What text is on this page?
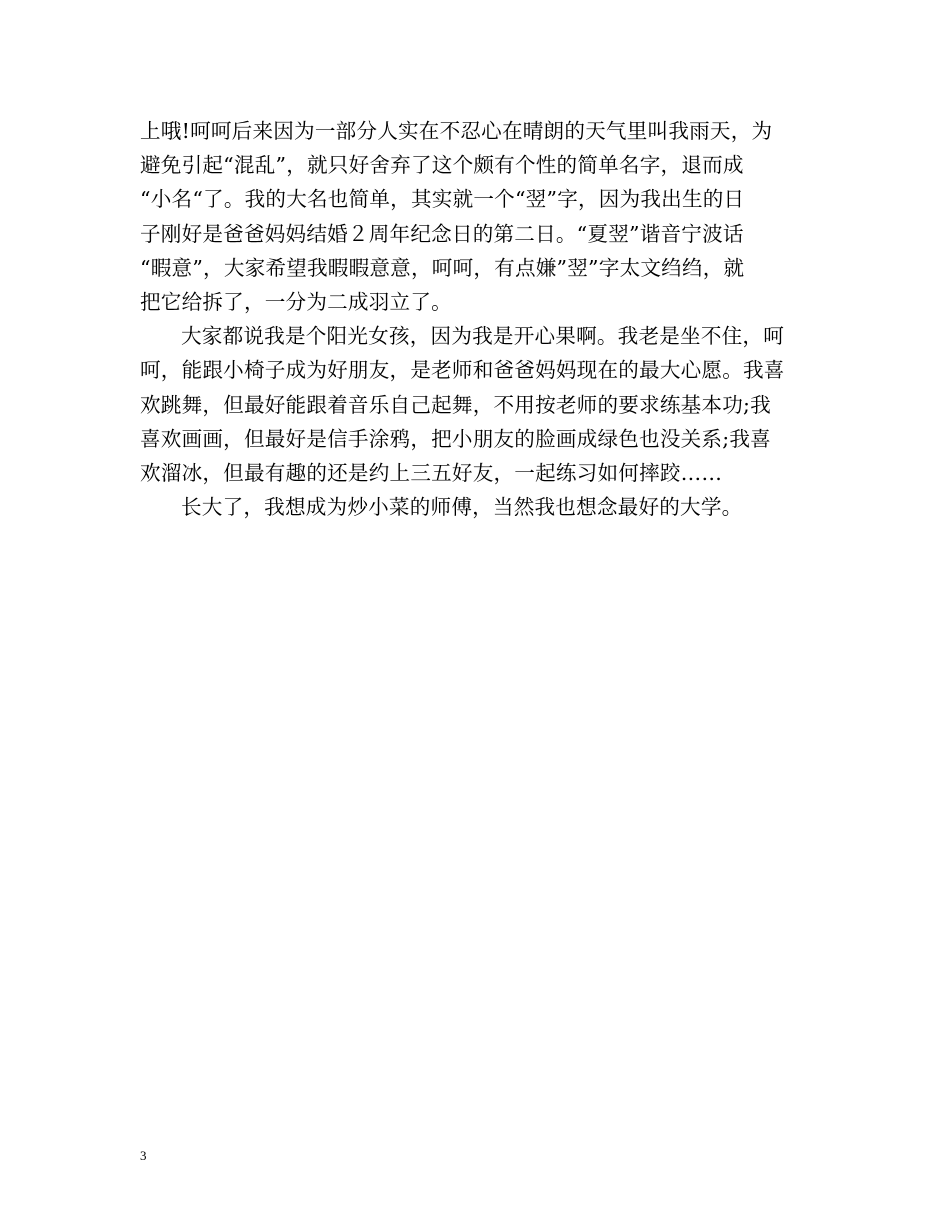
上哦!呵呵后来因为一部分人实在不忍心在晴朗的天气里叫我雨天，为
避免引起“混乱”，就只好舍弃了这个颇有个性的简单名字，退而成
“小名“了。我的大名也简单，其实就一个“翌”字，因为我出生的日
子刚好是爸爸妈妈结婚２周年纪念日的第二日。“夏翌”谐音宁波话
“暇意”，大家希望我暇暇意意，呵呵，有点嫌”翌”字太文绉绉，就
把它给拆了，一分为二成羽立了。
大家都说我是个阳光女孩，因为我是开心果啊。我老是坐不住，呵
呵，能跟小椅子成为好朋友，是老师和爸爸妈妈现在的最大心愿。我喜
欢跳舞，但最好能跟着音乐自己起舞，不用按老师的要求练基本功;我
喜欢画画，但最好是信手涂鸦，把小朋友的脸画成绿色也没关系;我喜
欢溜冰，但最有趣的还是约上三五好友，一起练习如何摔跤……
长大了，我想成为炒小菜的师傅，当然我也想念最好的大学。
3
